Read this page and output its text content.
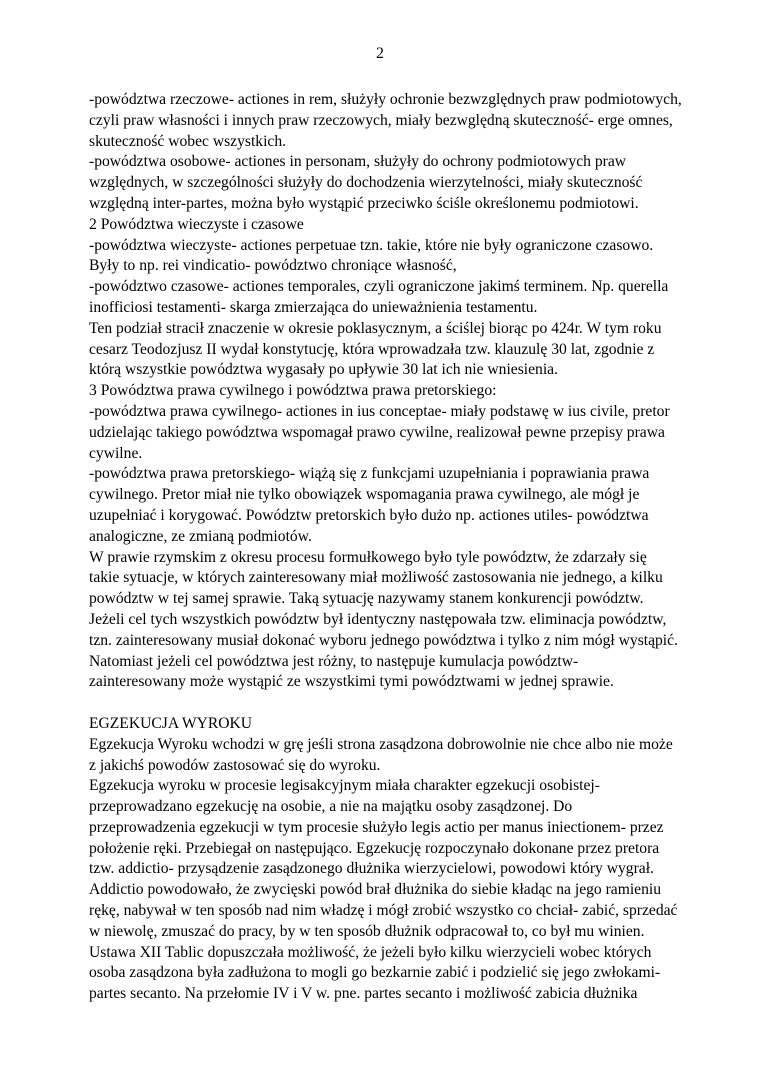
2
-powództwa rzeczowe- actiones in rem, służyły ochronie bezwzględnych praw podmiotowych,
czyli praw własności i innych praw rzeczowych, miały bezwględną skuteczność- erge omnes,
skuteczność wobec wszystkich.
-powództwa osobowe- actiones in personam, służyły do ochrony podmiotowych praw
względnych, w szczególności służyły do dochodzenia wierzytelności, miały skuteczność
względną inter-partes, można było wystąpić przeciwko ściśle określonemu podmiotowi.
2 Powództwa wieczyste i czasowe
-powództwa wieczyste- actiones perpetuae tzn. takie, które nie były ograniczone czasowo.
Były to np. rei vindicatio- powództwo chroniące własność,
-powództwo czasowe- actiones temporales, czyli ograniczone jakimś terminem. Np. querella
inofficiosi testamenti- skarga zmierzająca do unieważnienia testamentu.
Ten podział stracił znaczenie w okresie poklasycznym, a ściślej biorąc po 424r. W tym roku
cesarz Teodozjusz II wydał konstytucję, która wprowadzała tzw. klauzulę 30 lat, zgodnie z
którą wszystkie powództwa wygasały po upływie 30 lat ich nie wniesienia.
3 Powództwa prawa cywilnego i powództwa prawa pretorskiego:
-powództwa prawa cywilnego- actiones in ius conceptae- miały podstawę w ius civile, pretor
udzielając takiego powództwa wspomagał prawo cywilne, realizował pewne przepisy prawa
cywilne.
-powództwa prawa pretorskiego- wiążą się z funkcjami uzupełniania i poprawiania prawa
cywilnego. Pretor miał nie tylko obowiązek wspomagania prawa cywilnego, ale mógł je
uzupełniać i korygować. Powództw pretorskich było dużo np. actiones utiles- powództwa
analogiczne, ze zmianą podmiotów.
W prawie rzymskim z okresu procesu formułkowego było tyle powództw, że zdarzały się
takie sytuacje, w których zainteresowany miał możliwość zastosowania nie jednego, a kilku
powództw w tej samej sprawie. Taką sytuację nazywamy stanem konkurencji powództw.
Jeżeli cel tych wszystkich powództw był identyczny następowała tzw. eliminacja powództw,
tzn. zainteresowany musiał dokonać wyboru jednego powództwa i tylko z nim mógł wystąpić.
Natomiast jeżeli cel powództwa jest różny, to następuje kumulacja powództw-
zainteresowany może wystąpić ze wszystkimi tymi powództwami w jednej sprawie.
EGZEKUCJA WYROKU
Egzekucja Wyroku wchodzi w grę jeśli strona zasądzona dobrowolnie nie chce albo nie może
z jakichś powodów zastosować się do wyroku.
Egzekucja wyroku w procesie legisakcyjnym miała charakter egzekucji osobistej-
przeprowadzano egzekucję na osobie, a nie na majątku osoby zasądzonej. Do
przeprowadzenia egzekucji w tym procesie służyło legis actio per manus iniectionem- przez
położenie ręki. Przebiegał on następująco. Egzekucję rozpoczynało dokonane przez pretora
tzw. addictio- przysądzenie zasądzonego dłużnika wierzycielowi, powodowi który wygrał.
Addictio powodowało, że zwycięski powód brał dłużnika do siebie kładąc na jego ramieniu
rękę, nabywał w ten sposób nad nim władzę i mógł zrobić wszystko co chciał- zabić, sprzedać
w niewolę, zmuszać do pracy, by w ten sposób dłużnik odpracował to, co był mu winien.
Ustawa XII Tablic dopuszczała możliwość, że jeżeli było kilku wierzycieli wobec których
osoba zasądzona była zadłużona to mogli go bezkarnie zabić i podzielić się jego zwłokami-
partes secanto. Na przełomie IV i V w. pne. partes secanto i możliwość zabicia dłużnika
